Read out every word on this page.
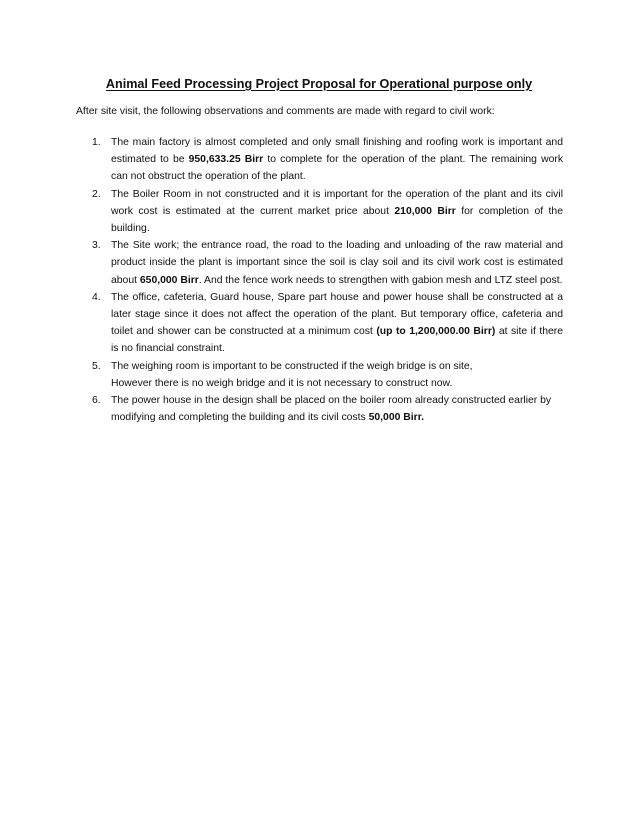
Animal Feed Processing Project Proposal for Operational purpose only

After site visit, the following observations and comments are made with regard to civil work:

1. The main factory is almost completed and only small finishing and roofing work is important and estimated to be 950,633.25 Birr to complete for the operation of the plant. The remaining work can not obstruct the operation of the plant.
2. The Boiler Room in not constructed and it is important for the operation of the plant and its civil work cost is estimated at the current market price about 210,000 Birr for completion of the building.
3. The Site work; the entrance road, the road to the loading and unloading of the raw material and product inside the plant is important since the soil is clay soil and its civil work cost is estimated about 650,000 Birr. And the fence work needs to strengthen with gabion mesh and LTZ steel post.
4. The office, cafeteria, Guard house, Spare part house and power house shall be constructed at a later stage since it does not affect the operation of the plant. But temporary office, cafeteria and toilet and shower can be constructed at a minimum cost (up to 1,200,000.00 Birr) at site if there is no financial constraint.
5. The weighing room is important to be constructed if the weigh bridge is on site,
However there is no weigh bridge and it is not necessary to construct now.
6. The power house in the design shall be placed on the boiler room already constructed earlier by modifying and completing the building and its civil costs 50,000 Birr.
